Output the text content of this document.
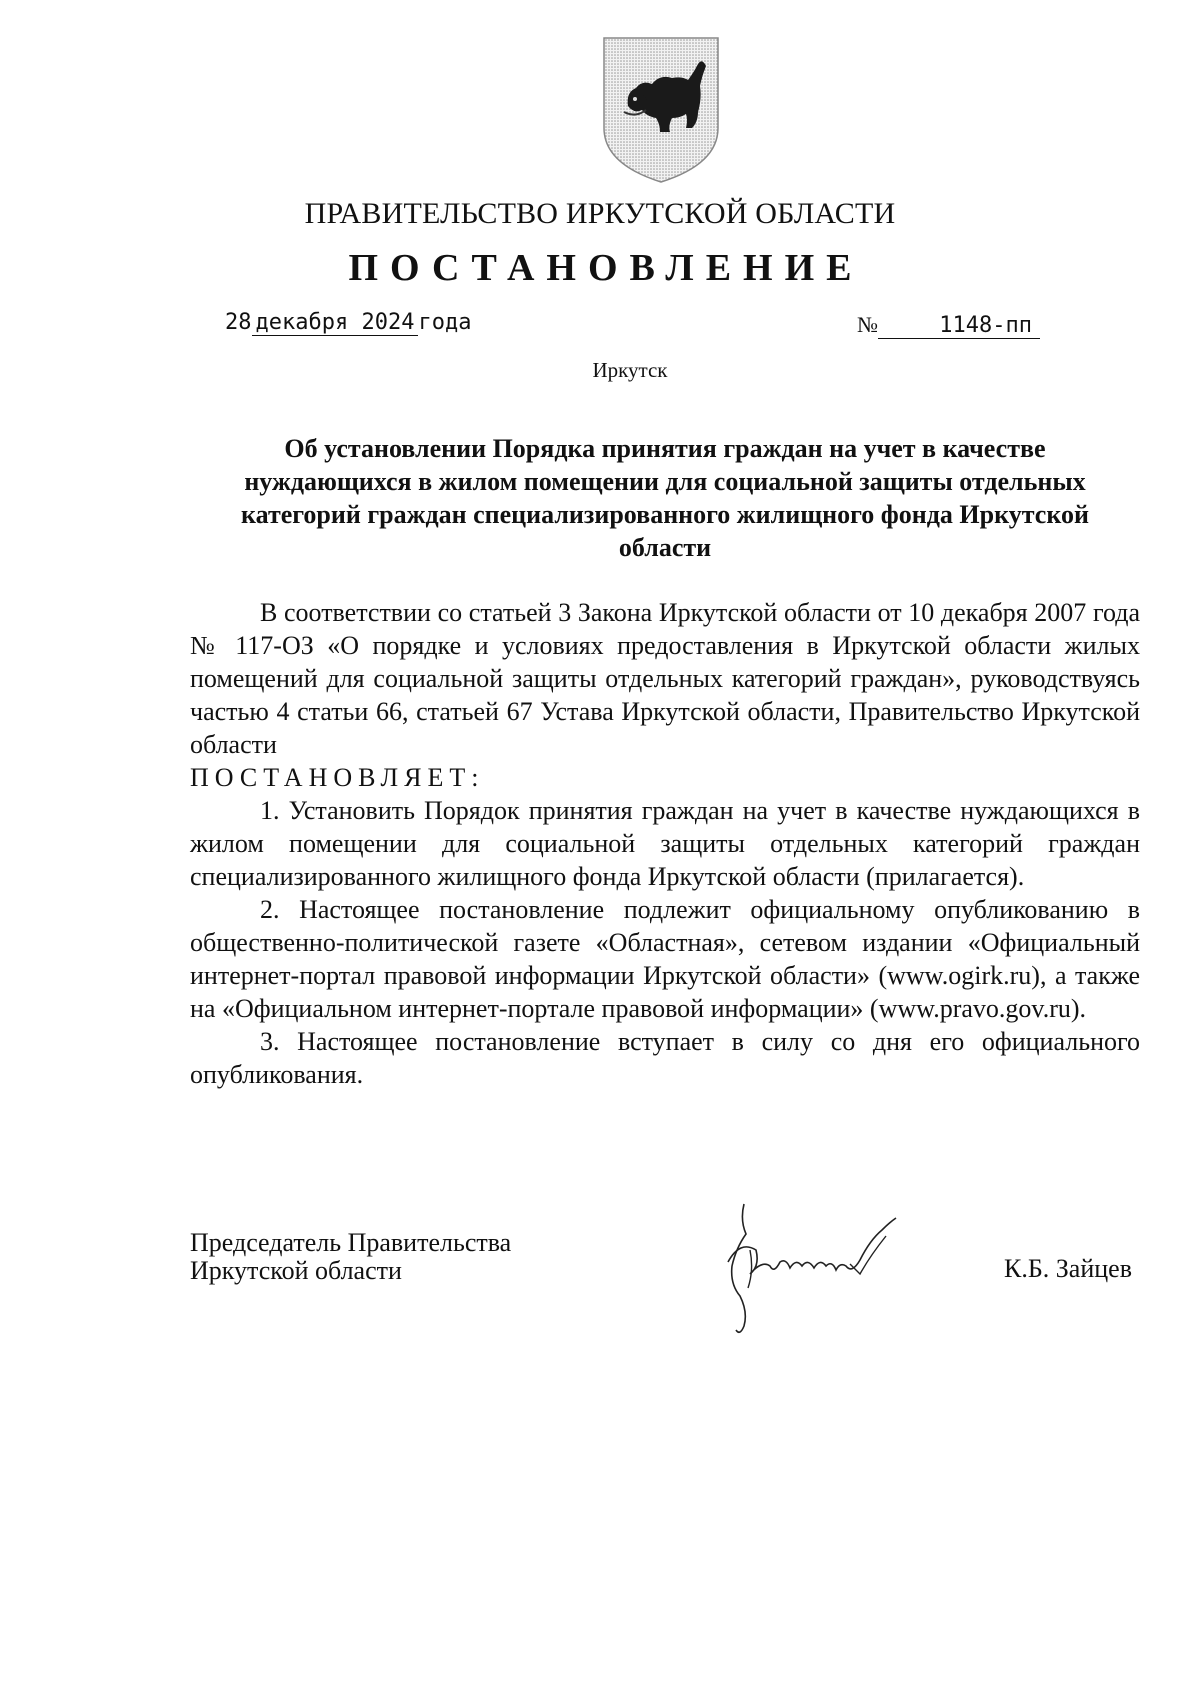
ПРАВИТЕЛЬСТВО ИРКУТСКОЙ ОБЛАСТИ
ПОСТАНОВЛЕНИЕ
28 декабря 2024 года	№	1148-пп
Иркутск
Об установлении Порядка принятия граждан на учет в качестве нуждающихся в жилом помещении для социальной защиты отдельных категорий граждан специализированного жилищного фонда Иркутской области

В соответствии со статьей 3 Закона Иркутской области от 10 декабря 2007 года № 117-ОЗ «О порядке и условиях предоставления в Иркутской области жилых помещений для социальной защиты отдельных категорий граждан», руководствуясь частью 4 статьи 66, статьей 67 Устава Иркутской области, Правительство Иркутской области

ПОСТАНОВЛЯЕТ:

1. Установить Порядок принятия граждан на учет в качестве нуждающихся в жилом помещении для социальной защиты отдельных категорий граждан специализированного жилищного фонда Иркутской области (прилагается).

2. Настоящее постановление подлежит официальному опубликованию в общественно-политической газете «Областная», сетевом издании «Официальный интернет-портал правовой информации Иркутской области» (www.ogirk.ru), а также на «Официальном интернет-портале правовой информации» (www.pravo.gov.ru).

3. Настоящее постановление вступает в силу со дня его официального опубликования.

Председатель Правительства
Иркутской области	К.Б. Зайцев
